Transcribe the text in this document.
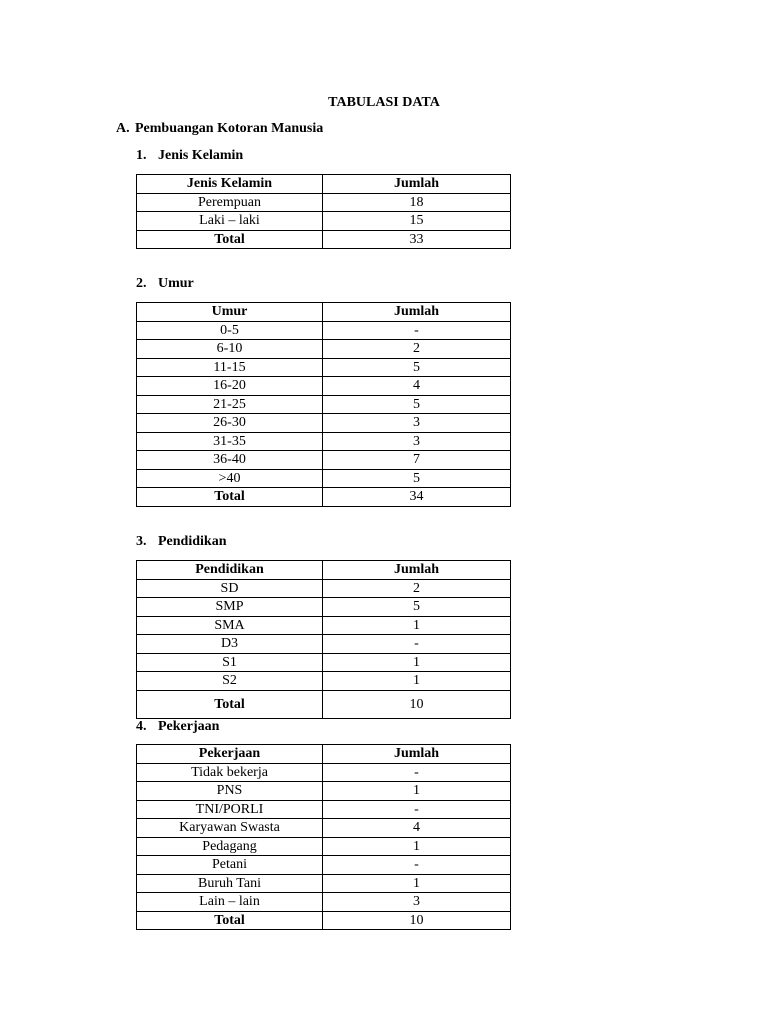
TABULASI DATA
A. Pembuangan Kotoran Manusia
1. Jenis Kelamin
Jenis Kelamin	Jumlah
Perempuan	18
Laki – laki	15
Total	33
2. Umur
Umur	Jumlah
0-5	-
6-10	2
11-15	5
16-20	4
21-25	5
26-30	3
31-35	3
36-40	7
>40	5
Total	34
3. Pendidikan
Pendidikan	Jumlah
SD	2
SMP	5
SMA	1
D3	-
S1	1
S2	1
Total	10
4. Pekerjaan
Pekerjaan	Jumlah
Tidak bekerja	-
PNS	1
TNI/PORLI	-
Karyawan Swasta	4
Pedagang	1
Petani	-
Buruh Tani	1
Lain – lain	3
Total	10
